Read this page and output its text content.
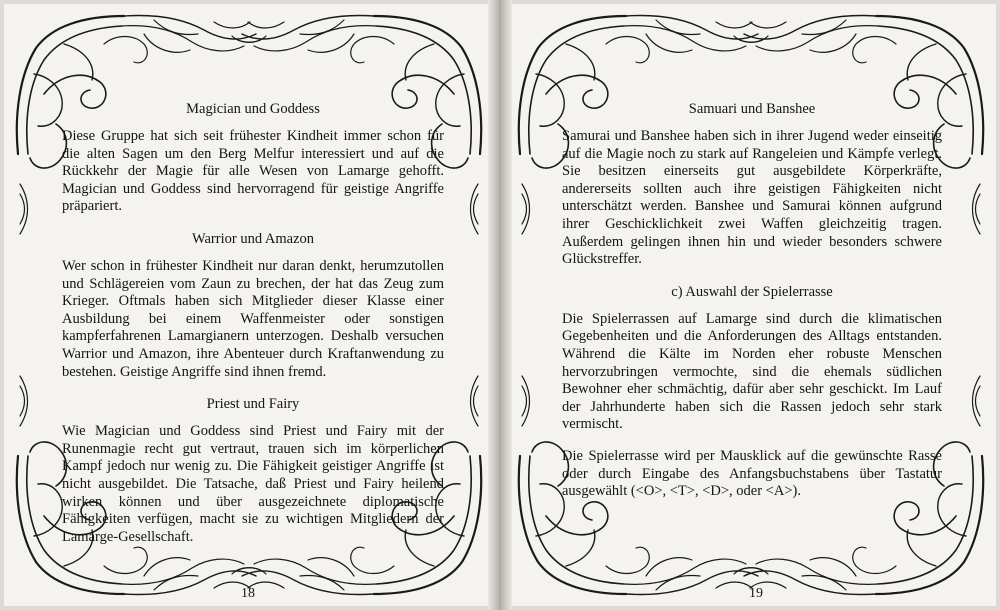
Magician und Goddess

Diese Gruppe hat sich seit frühester Kindheit immer schon für die alten Sagen um den Berg Melfur interessiert und auf die Rückkehr der Magie für alle Wesen von Lamarge gehofft. Magician und Goddess sind hervorragend für geistige Angriffe präpariert.

Warrior und Amazon

Wer schon in frühester Kindheit nur daran denkt, herumzutollen und Schlägereien vom Zaun zu brechen, der hat das Zeug zum Krieger. Oftmals haben sich Mitglieder dieser Klasse einer Ausbildung bei einem Waffenmeister oder sonstigen kampferfahrenen Lamargianern unterzogen. Deshalb versuchen Warrior und Amazon, ihre Abenteuer durch Kraftanwendung zu bestehen. Geistige Angriffe sind ihnen fremd.

Priest und Fairy

Wie Magician und Goddess sind Priest und Fairy mit der Runenmagie recht gut vertraut, trauen sich im körperlichen Kampf jedoch nur wenig zu. Die Fähigkeit geistiger Angriffe ist nicht ausgebildet. Die Tatsache, daß Priest und Fairy heilend wirken können und über ausgezeichnete diplomatische Fähigkeiten verfügen, macht sie zu wichtigen Mitgliedern der Lamarge-Gesellschaft.

18
Samuari und Banshee

Samurai und Banshee haben sich in ihrer Jugend weder einseitig auf die Magie noch zu stark auf Rangeleien und Kämpfe verlegt. Sie besitzen einerseits gut ausgebildete Körperkräfte, andererseits sollten auch ihre geistigen Fähigkeiten nicht unterschätzt werden. Banshee und Samurai können aufgrund ihrer Geschicklichkeit zwei Waffen gleichzeitig tragen. Außerdem gelingen ihnen hin und wieder besonders schwere Glückstreffer.

c) Auswahl der Spielerrasse

Die Spielerrassen auf Lamarge sind durch die klimatischen Gegebenheiten und die Anforderungen des Alltags entstanden. Während die Kälte im Norden eher robuste Menschen hervorzubringen vermochte, sind die ehemals südlichen Bewohner eher schmächtig, dafür aber sehr geschickt. Im Lauf der Jahrhunderte haben sich die Rassen jedoch sehr stark vermischt.

Die Spielerrasse wird per Mausklick auf die gewünschte Rasse oder durch Eingabe des Anfangsbuchstabens über Tastatur ausgewählt (<O>, <T>, <D>, oder <A>).

19
